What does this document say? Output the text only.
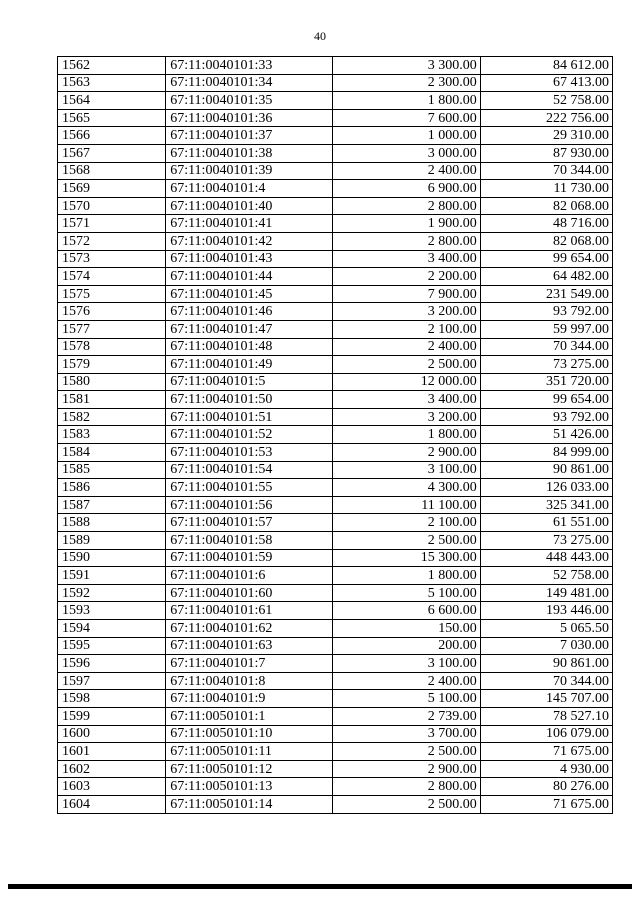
40
1562	67:11:0040101:33	3 300.00	84 612.00
1563	67:11:0040101:34	2 300.00	67 413.00
1564	67:11:0040101:35	1 800.00	52 758.00
1565	67:11:0040101:36	7 600.00	222 756.00
1566	67:11:0040101:37	1 000.00	29 310.00
1567	67:11:0040101:38	3 000.00	87 930.00
1568	67:11:0040101:39	2 400.00	70 344.00
1569	67:11:0040101:4	6 900.00	11 730.00
1570	67:11:0040101:40	2 800.00	82 068.00
1571	67:11:0040101:41	1 900.00	48 716.00
1572	67:11:0040101:42	2 800.00	82 068.00
1573	67:11:0040101:43	3 400.00	99 654.00
1574	67:11:0040101:44	2 200.00	64 482.00
1575	67:11:0040101:45	7 900.00	231 549.00
1576	67:11:0040101:46	3 200.00	93 792.00
1577	67:11:0040101:47	2 100.00	59 997.00
1578	67:11:0040101:48	2 400.00	70 344.00
1579	67:11:0040101:49	2 500.00	73 275.00
1580	67:11:0040101:5	12 000.00	351 720.00
1581	67:11:0040101:50	3 400.00	99 654.00
1582	67:11:0040101:51	3 200.00	93 792.00
1583	67:11:0040101:52	1 800.00	51 426.00
1584	67:11:0040101:53	2 900.00	84 999.00
1585	67:11:0040101:54	3 100.00	90 861.00
1586	67:11:0040101:55	4 300.00	126 033.00
1587	67:11:0040101:56	11 100.00	325 341.00
1588	67:11:0040101:57	2 100.00	61 551.00
1589	67:11:0040101:58	2 500.00	73 275.00
1590	67:11:0040101:59	15 300.00	448 443.00
1591	67:11:0040101:6	1 800.00	52 758.00
1592	67:11:0040101:60	5 100.00	149 481.00
1593	67:11:0040101:61	6 600.00	193 446.00
1594	67:11:0040101:62	150.00	5 065.50
1595	67:11:0040101:63	200.00	7 030.00
1596	67:11:0040101:7	3 100.00	90 861.00
1597	67:11:0040101:8	2 400.00	70 344.00
1598	67:11:0040101:9	5 100.00	145 707.00
1599	67:11:0050101:1	2 739.00	78 527.10
1600	67:11:0050101:10	3 700.00	106 079.00
1601	67:11:0050101:11	2 500.00	71 675.00
1602	67:11:0050101:12	2 900.00	4 930.00
1603	67:11:0050101:13	2 800.00	80 276.00
1604	67:11:0050101:14	2 500.00	71 675.00
